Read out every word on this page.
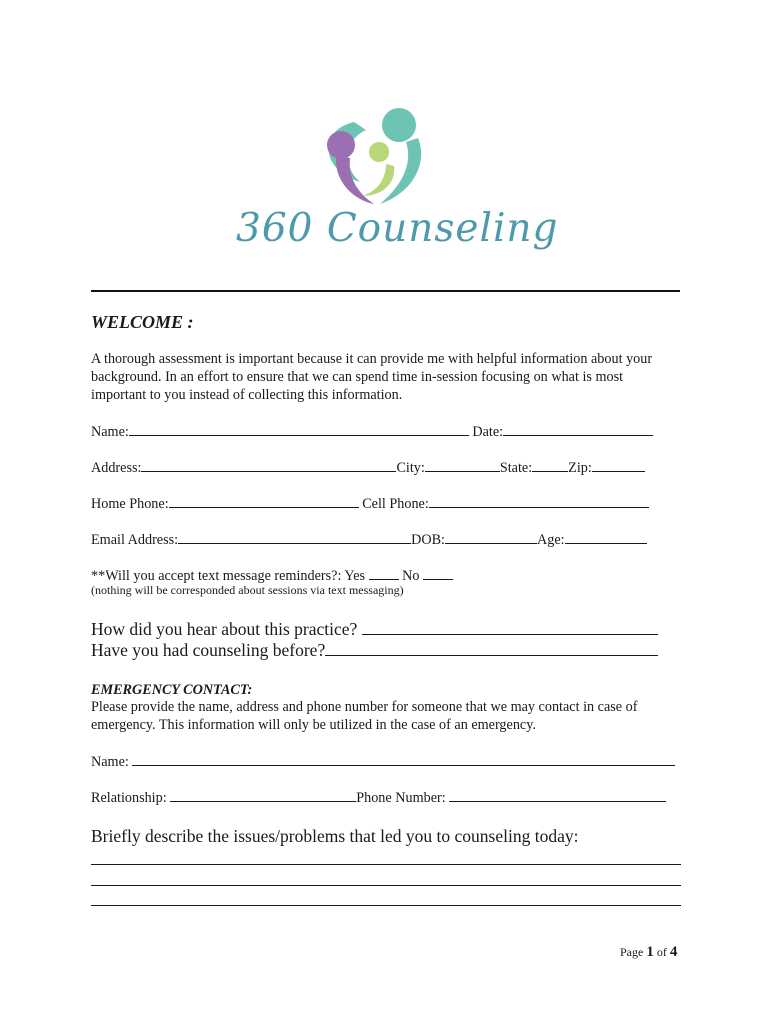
360 Counseling
WELCOME :
A thorough assessment is important because it can provide me with helpful information about your background. In an effort to ensure that we can spend time in-session focusing on what is most important to you instead of collecting this information.
Name:	Date:
Address:	City:	State:	Zip:
Home Phone:	Cell Phone:
Email Address:	DOB:	Age:
**Will you accept text message reminders?: Yes	No
(nothing will be corresponded about sessions via text messaging)
How did you hear about this practice?
Have you had counseling before?
EMERGENCY CONTACT:
Please provide the name, address and phone number for someone that we may contact in case of emergency. This information will only be utilized in the case of an emergency.
Name:
Relationship:	Phone Number:
Briefly describe the issues/problems that led you to counseling today:
Page 1 of 4
